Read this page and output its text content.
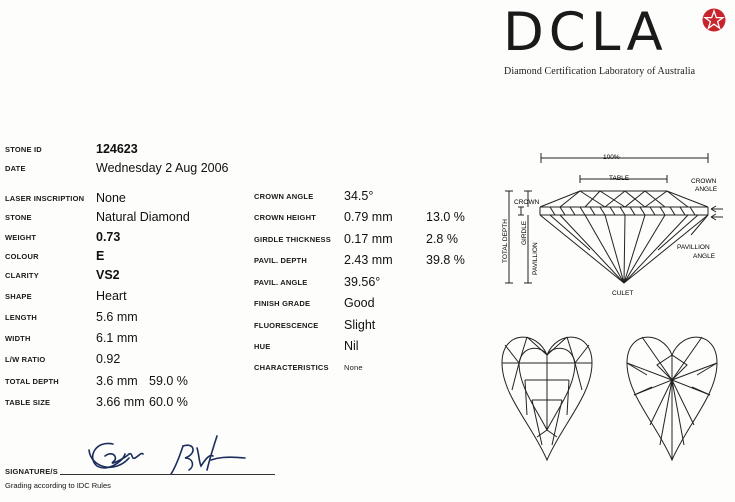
DCLA
Diamond Certification Laboratory of Australia
STONE ID	124623
DATE	Wednesday 2 Aug 2006
LASER INSCRIPTION None
STONE	Natural Diamond
WEIGHT	0.73
COLOUR	E
CLARITY	VS2
SHAPE	Heart
LENGTH	5.6 mm
WIDTH	6.1 mm
L/W RATIO	0.92
TOTAL DEPTH	3.6 mm 59.0 %
TABLE SIZE	3.66 mm 60.0 %
CROWN ANGLE 34.5°
CROWN HEIGHT 0.79 mm	13.0 %
GIRDLE THICKNESS 0.17 mm	2.8 %
PAVIL. DEPTH	2.43 mm	39.8 %
PAVIL. ANGLE	39.56°
FINISH GRADE	Good
FLUORESCENCE Slight
HUE	Nil
CHARACTERISTICS None
100%
TABLE
CROWN
CROWN
ANGLE
PAVILLION
ANGLE
CULET
TOTAL DEPTH GIRDLE
PAVILLION
SIGNATURE/S
Grading according to IDC Rules
